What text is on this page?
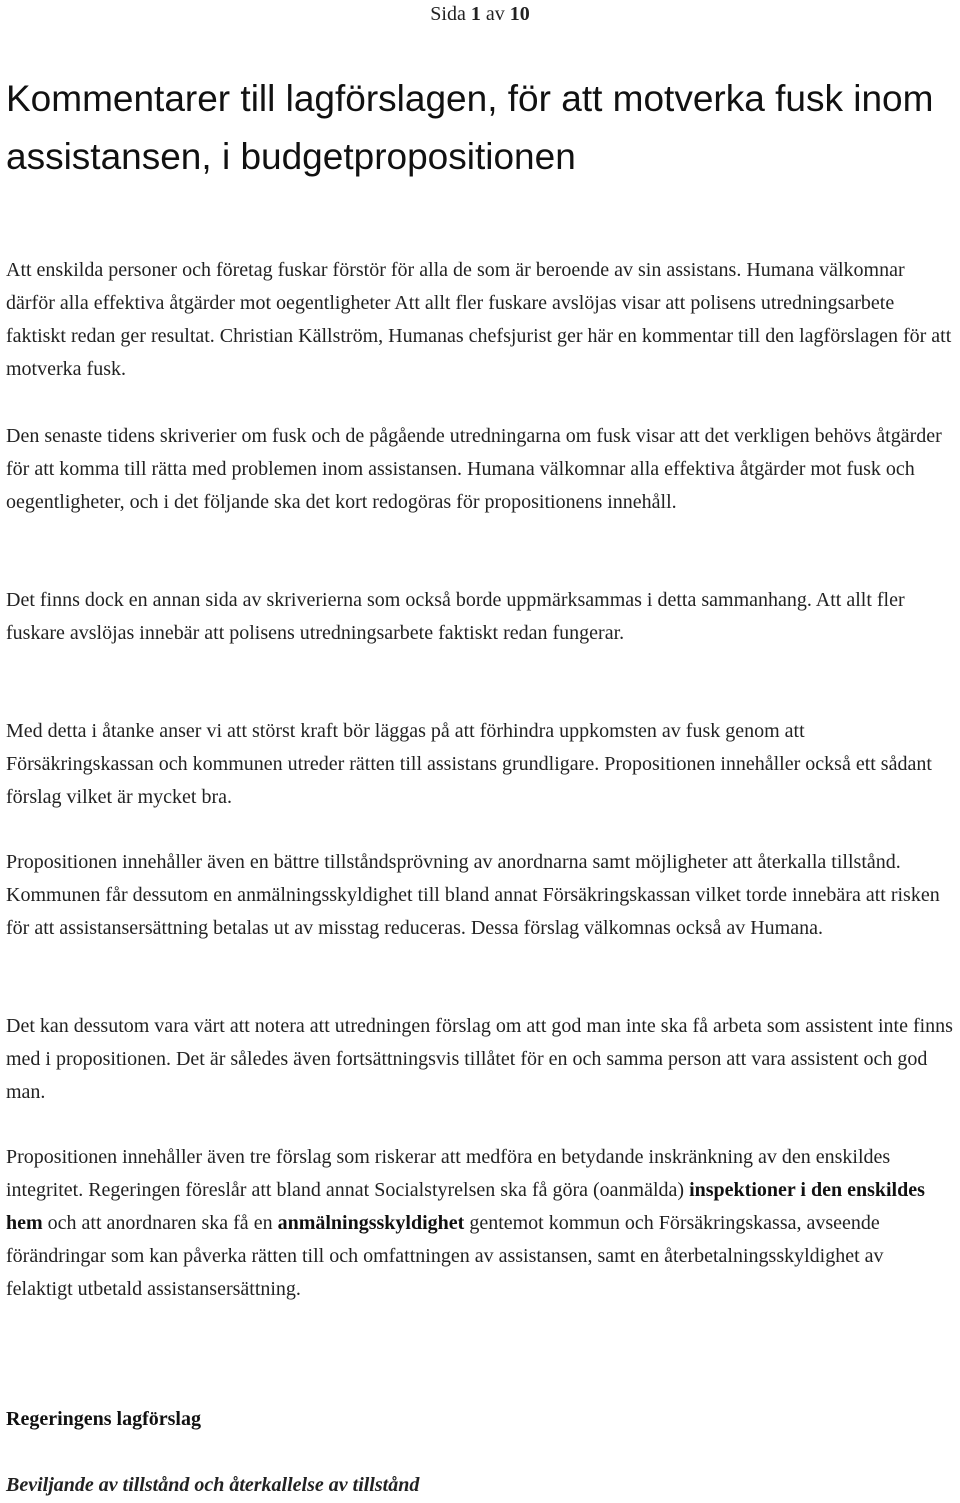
Sida 1 av 10
Kommentarer till lagförslagen, för att motverka fusk inom assistansen, i budgetpropositionen

Att enskilda personer och företag fuskar förstör för alla de som är beroende av sin assistans. Humana välkomnar därför alla effektiva åtgärder mot oegentligheter Att allt fler fuskare avslöjas visar att polisens utredningsarbete faktiskt redan ger resultat. Christian Källström, Humanas chefsjurist ger här en kommentar till den lagförslagen för att motverka fusk.

Den senaste tidens skriverier om fusk och de pågående utredningarna om fusk visar att det verkligen behövs åtgärder för att komma till rätta med problemen inom assistansen. Humana välkomnar alla effektiva åtgärder mot fusk och oegentligheter, och i det följande ska det kort redogöras för propositionens innehåll.

Det finns dock en annan sida av skriverierna som också borde uppmärksammas i detta sammanhang. Att allt fler fuskare avslöjas innebär att polisens utredningsarbete faktiskt redan fungerar.

Med detta i åtanke anser vi att störst kraft bör läggas på att förhindra uppkomsten av fusk genom att Försäkringskassan och kommunen utreder rätten till assistans grundligare. Propositionen innehåller också ett sådant förslag vilket är mycket bra.

Propositionen innehåller även en bättre tillståndsprövning av anordnarna samt möjligheter att återkalla tillstånd. Kommunen får dessutom en anmälningsskyldighet till bland annat Försäkringskassan vilket torde innebära att risken för att assistansersättning betalas ut av misstag reduceras. Dessa förslag välkomnas också av Humana.

Det kan dessutom vara värt att notera att utredningen förslag om att god man inte ska få arbeta som assistent inte finns med i propositionen. Det är således även fortsättningsvis tillåtet för en och samma person att vara assistent och god man.

Propositionen innehåller även tre förslag som riskerar att medföra en betydande inskränkning av den enskildes integritet. Regeringen föreslår att bland annat Socialstyrelsen ska få göra (oanmälda) inspektioner i den enskildes hem och att anordnaren ska få en anmälningsskyldighet gentemot kommun och Försäkringskassa, avseende förändringar som kan påverka rätten till och omfattningen av assistansen, samt en återbetalningsskyldighet av felaktigt utbetald assistansersättning.

Regeringens lagförslag
Beviljande av tillstånd och återkallelse av tillstånd
